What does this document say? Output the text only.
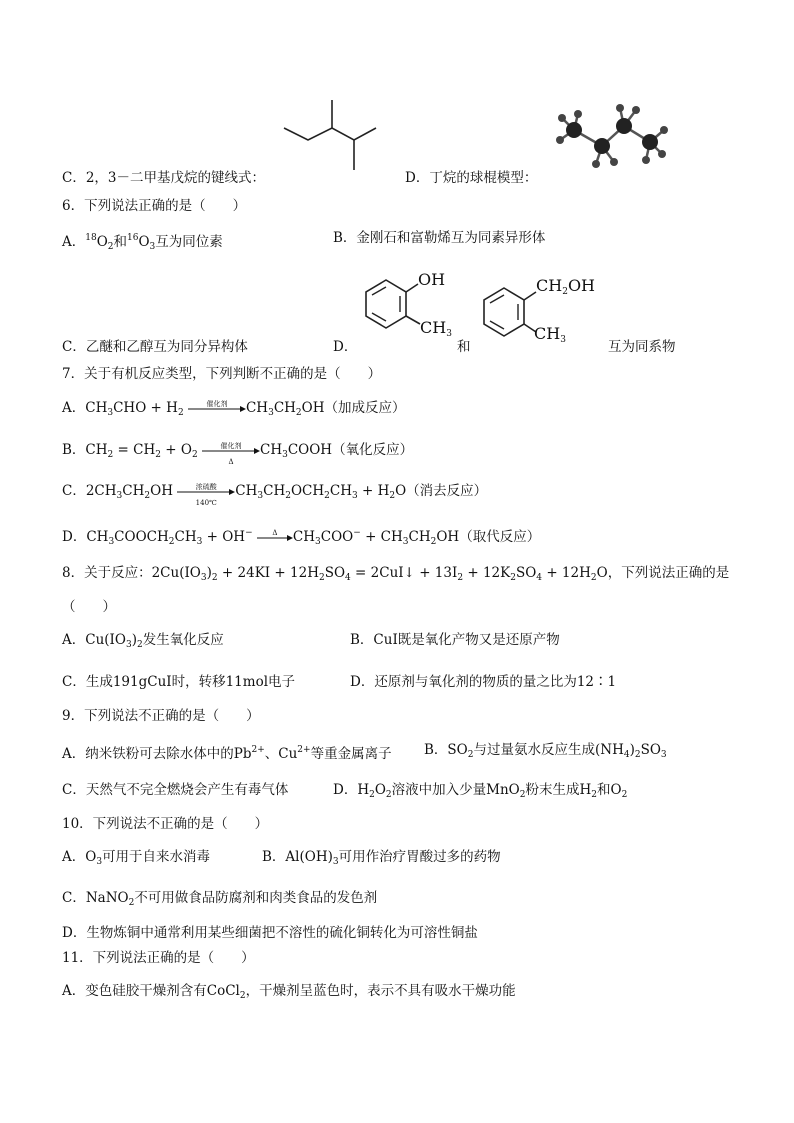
C．2，3－二甲基戊烷的键线式：	D．丁烷的球棍模型：
6．下列说法正确的是（　　）
A．$^{18}O_2$和$^{16}O_3$互为同位素	B．金刚石和富勒烯互为同素异形体
OH
$CH_3$
$CH_2OH$
$CH_3$
C．乙醚和乙醇互为同分异构体	D．	和	互为同系物
7．关于有机反应类型，下列判断不正确的是（　　）
A．$CH_3CHO + H_2$
催化剂	$CH_3CH_2OH$（加成反应）
B．$CH_2 = CH_2 + O_2$
催化剂
Δ
$CH_3COOH$（氧化反应）
C．$2CH_3CH_2OH$	浓硫酸
140℃
$CH_3CH_2OCH_2CH_3 + H_2O$（消去反应）
D．$CH_3COOCH_2CH_3 + OH^-$	Δ	$CH_3COO^- + CH_3CH_2OH$（取代反应）
8．关于反应：$2Cu(IO_3)_2 + 24KI + 12H_2SO_4$ = 2CuI↓ + $13I_2 + 12K_2SO_4 + 12H_2O$，下列说法正确的是
（　　）
A．$Cu(IO_3)_2$发生氧化反应	B．CuI既是氧化产物又是还原产物
C．生成191gCuI时，转移11mol电子	D．还原剂与氧化剂的物质的量之比为12∶1
9．下列说法不正确的是（　　）
A．纳米铁粉可去除水体中的$Pb^{2+}$、$Cu^{2+}$等重金属离子 B．$SO_2$与过量氨水反应生成$(NH_4)_2SO_3$
C．天然气不完全燃烧会产生有毒气体	D．$H_2O_2$溶液中加入少量MnO$_2$粉末生成$H_2$和$O_2$
10．下列说法不正确的是（　　）
A．$O_3$可用于自来水消毒	B．$Al(OH)_3$可用作治疗胃酸过多的药物
C．NaNO$_2$不可用做食品防腐剂和肉类食品的发色剂
D．生物炼铜中通常利用某些细菌把不溶性的硫化铜转化为可溶性铜盐
11．下列说法正确的是（　　）
A．变色硅胶干燥剂含有CoCl$_2$，干燥剂呈蓝色时，表示不具有吸水干燥功能
